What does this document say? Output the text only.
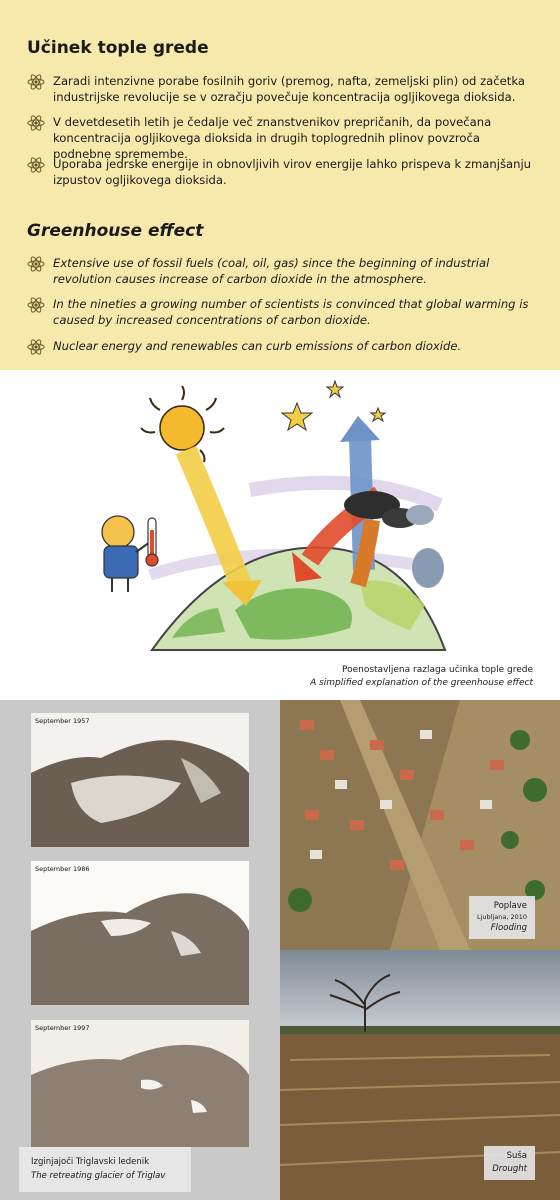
Učinek tople grede
Zaradi intenzivne porabe fosilnih goriv (premog, nafta, zemeljski plin) od začetka industrijske revolucije se v ozračju povečuje koncentracija ogljikovega dioksida.
V devetdesetih letih je čedalje več znanstvenikov prepričanih, da povečana koncentracija ogljikovega dioksida in drugih toplogrednih plinov povzroča podnebne spremembe.
Uporaba jedrske energije in obnovljivih virov energije lahko prispeva k zmanjšanju izpustov ogljikovega dioksida.
Greenhouse effect
Extensive use of fossil fuels (coal, oil, gas) since the beginning of industrial revolution causes increase of carbon dioxide in the atmosphere.
In the nineties a growing number of scientists is convinced that global warming is caused by increased concentrations of carbon dioxide.
Nuclear energy and renewables can curb emissions of carbon dioxide.
Poenostavljena razlaga učinka tople grede
A simplified explanation of the greenhouse effect
September 1957
September 1986
September 1997
Izginjajoči Triglavski ledenik
The retreating glacier of Triglav
Poplave
Ljubljana, 2010
Flooding
Suša
Drought
